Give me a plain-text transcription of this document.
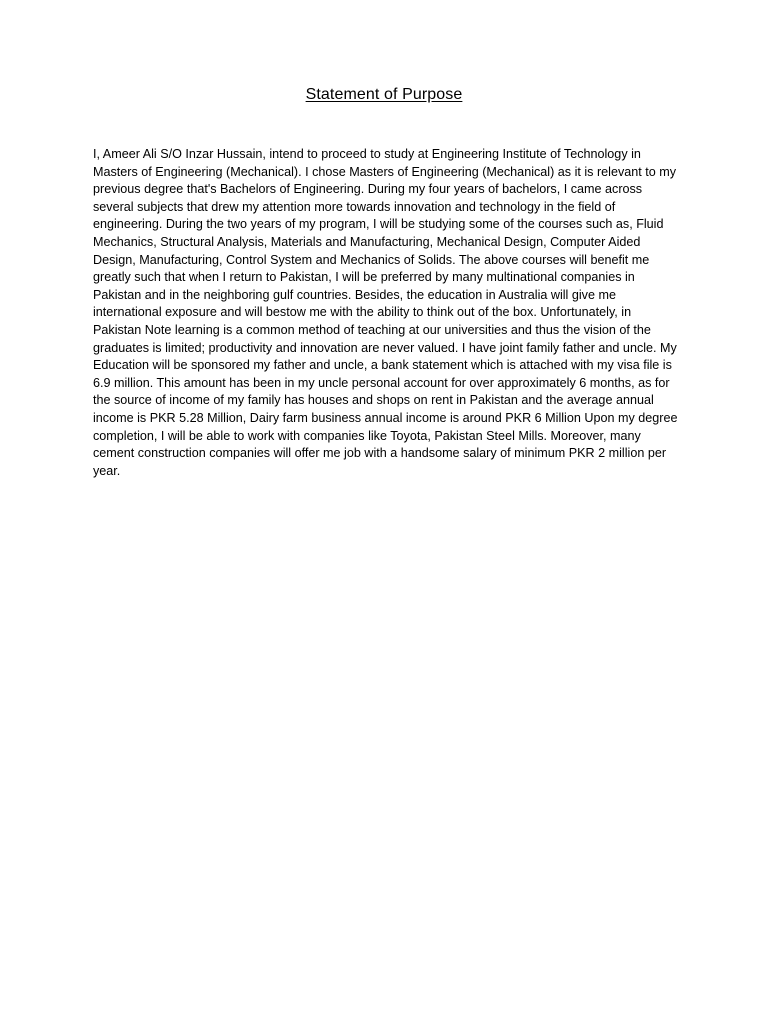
Statement of Purpose

I, Ameer Ali S/O Inzar Hussain, intend to proceed to study at Engineering Institute of Technology in Masters of Engineering (Mechanical). I chose Masters of Engineering (Mechanical) as it is relevant to my previous degree that's Bachelors of Engineering. During my four years of bachelors, I came across several subjects that drew my attention more towards innovation and technology in the field of engineering. During the two years of my program, I will be studying some of the courses such as, Fluid Mechanics, Structural Analysis, Materials and Manufacturing, Mechanical Design, Computer Aided Design, Manufacturing, Control System and Mechanics of Solids. The above courses will benefit me greatly such that when I return to Pakistan, I will be preferred by many multinational companies in Pakistan and in the neighboring gulf countries. Besides, the education in Australia will give me international exposure and will bestow me with the ability to think out of the box. Unfortunately, in Pakistan Note learning is a common method of teaching at our universities and thus the vision of the graduates is limited; productivity and innovation are never valued. I have joint family father and uncle. My Education will be sponsored my father and uncle, a bank statement which is attached with my visa file is 6.9 million. This amount has been in my uncle personal account for over approximately 6 months, as for the source of income of my family has houses and shops on rent in Pakistan and the average annual income is PKR 5.28 Million, Dairy farm business annual income is around PKR 6 Million Upon my degree completion, I will be able to work with companies like Toyota, Pakistan Steel Mills. Moreover, many cement construction companies will offer me job with a handsome salary of minimum PKR 2 million per year.
